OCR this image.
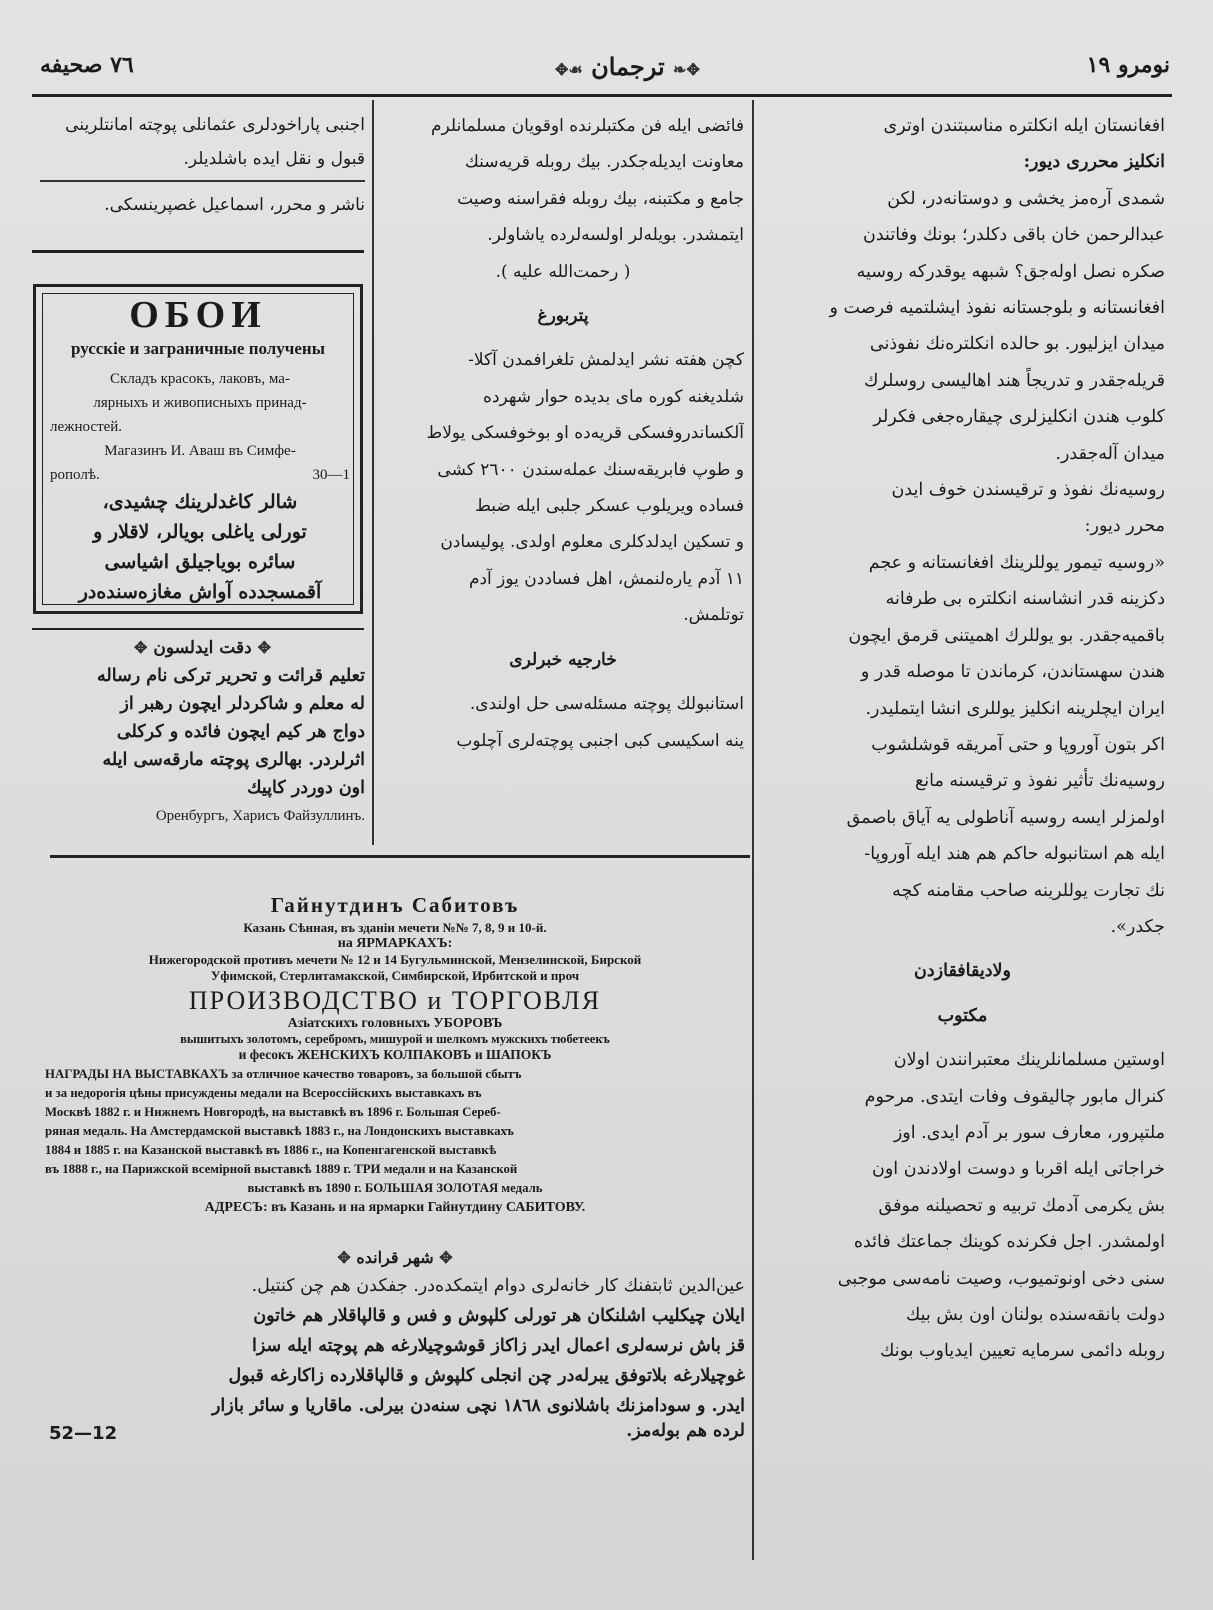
۷٦ صحيفه	✥❧ ترجمان ☙✥	نومرو ١٩
افغانستان ايله انكلتره مناسبتندن اوتری
انكليز محرری ديور:
شمدی آرەمز يخشی و دوستانەدر، لكن
عبدالرحمن خان باقی دكلدر؛ بونك وفاتندن
صكره نصل اوله‌جق؟ شبهه يوقدركه روسيه
افغانستانه و بلوجستانه نفوذ ايشلتميه فرصت و
ميدان ايزليور. بو حالده انكلترەنك نفوذنی
قريله‌جقدر و تدريجاً هند اهاليسی روسلرك
كلوب هندن انكليزلری چيقاره‌جغی فكرلر
ميدان آله‌جقدر.
روسيەنك نفوذ و ترقيسندن خوف ايدن
محرر ديور:
«روسيه تيمور يوللرينك افغانستانه و عجم
دكزينه قدر انشاسنه انكلتره بی طرفانه
باقميه‌جقدر. بو يوللرك اهميتنی قرمق ايچون
هندن سهستاندن، كرماندن تا موصله قدر و
ايران ايچلرينه انكليز يوللری انشا ايتمليدر.
اكر بتون آوروپا و حتی آمريقه قوشلشوب
روسيەنك تأثير نفوذ و ترقيسنه مانع
اولمزلر ايسه روسيه آناطولی يه آياق باصمق
ايله هم استانبوله حاكم هم هند ايله آوروپا-
نك تجارت يوللرينه صاحب مقامنه كچه
جكدر».
ولاديقافقازدن
مكتوب
اوستين مسلمانلرينك معتبرانندن اولان
كنرال مابور چاليقوف وفات ايتدی. مرحوم
ملتپرور، معارف سور بر آدم ايدی. اوز
خراجاتی ايله اقربا و دوست اولادندن اون
بش يكرمی آدمك تربيه و تحصيلنه موفق
اولمشدر. اجل فكرنده كوينك جماعتك فائده
سنی دخی اونوتميوب، وصيت نامەسی موجبی
دولت بانقەسنده بولنان اون بش بيك
روبله دائمی سرمايه تعيين ايدياوب بونك
فائضی ايله فن مكتبلرنده اوقويان مسلمانلرم
معاونت ايديله‌جكدر. بيك روبله قريەسنك
جامع و مكتبنه، بيك روبله فقراسنه وصيت
ايتمشدر. بويله‌لر اولسه‌لرده ياشاولر.
( رحمت‌الله عليه ).
پتربورغ
كچن هفته نشر ايدلمش تلغرافمدن آكلا-
شلديغنه كوره ماى بديده حوار شهرده
آلكساندروفسكی قريەده او بوخوفسكی يولاط
و طوپ فابريقەسنك عملەسندن ٢٦٠٠ كشی
فساده ويريلوب عسكر جلبی ايله ضبط
و تسكين ايدلدكلری معلوم اولدی. پوليسادن
١١ آدم يارەلنمش، اهل فساددن يوز آدم
توتلمش.
خارجيه خبرلری
استانبولك پوچته مسئلەسی حل اولندی.
ينه اسكيسی كبی اجنبی پوچتەلری آچلوب
اجنبی پاراخودلری عثمانلی پوچته امانتلرينی
قبول و نقل ايده باشلدیلر.
ناشر و محرر، اسماعيل غصپرينسكی.
ОБОИ
русскіе и заграничные получены
Складъ красокъ, лаковъ, ма-
лярныхъ и живописныхъ принад-
лежностей.
Магазинъ И. Аваш въ Симфе-
рополѣ.	30—1
شالر كاغدلرينك چشيدی،
تورلی ياغلی بويالر، لاقلار و
سائره بوياجيلق اشياسی
آقمسجدده آواش مغازەسنده‌در
✥ دقت ايدلسون ✥
تعليم قرائت و تحرير تركی نام رساله
له معلم و شاكردلر ايچون رهبر از
دواج هر كيم ايچون فائده و كركلی
اثرلردر. بهالری پوچته مارقەسی ايله
اون دوردر كاپيك
Оренбургъ, Харисъ Файзуллинъ.
Гайнутдинъ Сабитовъ
Казань Сѣнная, въ зданіи мечети №№ 7, 8, 9 и 10-й.
на ЯРМАРКАХЪ:
Нижегородской противъ мечети № 12 и 14 Бугульминской, Мензелинской, Бирской
Уфимской, Стерлитамакской, Симбирской, Ирбитской и проч
ПРОИЗВОДСТВО и ТОРГОВЛЯ
Азіатскихъ головныхъ УБОРОВЪ
вышитыхъ золотомъ, серебромъ, мишурой и шелкомъ мужскихъ тюбетеекъ
и фесокъ ЖЕНСКИХЪ КОЛПАКОВЪ и ШАПОКЪ
НАГРАДЫ НА ВЫСТАВКАХЪ за отличное качество товаровъ, за большой сбытъ
и за недорогія цѣны присуждены медали на Всероссійскихъ выставкахъ въ
Москвѣ 1882 г. и Нижнемъ Новгородѣ, на выставкѣ въ 1896 г. Большая Сереб-
ряная медаль. На Амстердамской выставкѣ 1883 г., на Лондонскихъ выставкахъ
1884 и 1885 г. на Казанской выставкѣ въ 1886 г., на Копенгагенской выставкѣ
въ 1888 г., на Парижской всемірной выставкѣ 1889 г. ТРИ медали и на Казанской
выставкѣ въ 1890 г. БОЛЬШАЯ ЗОЛОТАЯ медаль
АДРЕСЪ: въ Казань и на ярмарки Гайнутдину САБИТОВУ.
✥ شهر قرانده ✥
عين‌الدين ثابتفنك كار خانه‌لری دوام ايتمكده‌در. جفكدن هم چن كنتيل.
ايلان چيكليب اشلنكان هر تورلی كلپوش و فس و قالپاقلار هم خاتون
قز باش نرسه‌لری اعمال ايدر زاكاز قوشوچيلارغه هم پوچته ايله سزا
غوچيلارغه بلاتوفق يبرله‌در چن انجلی كلپوش و قالپاقلارده زاكارغه قبول
ايدر. و سودامزنك باشلانوی ١٨٦٨ نچی سنەدن بيرلی. ماقاريا و سائر بازار
52—12	لرده هم بوله‌مز.
